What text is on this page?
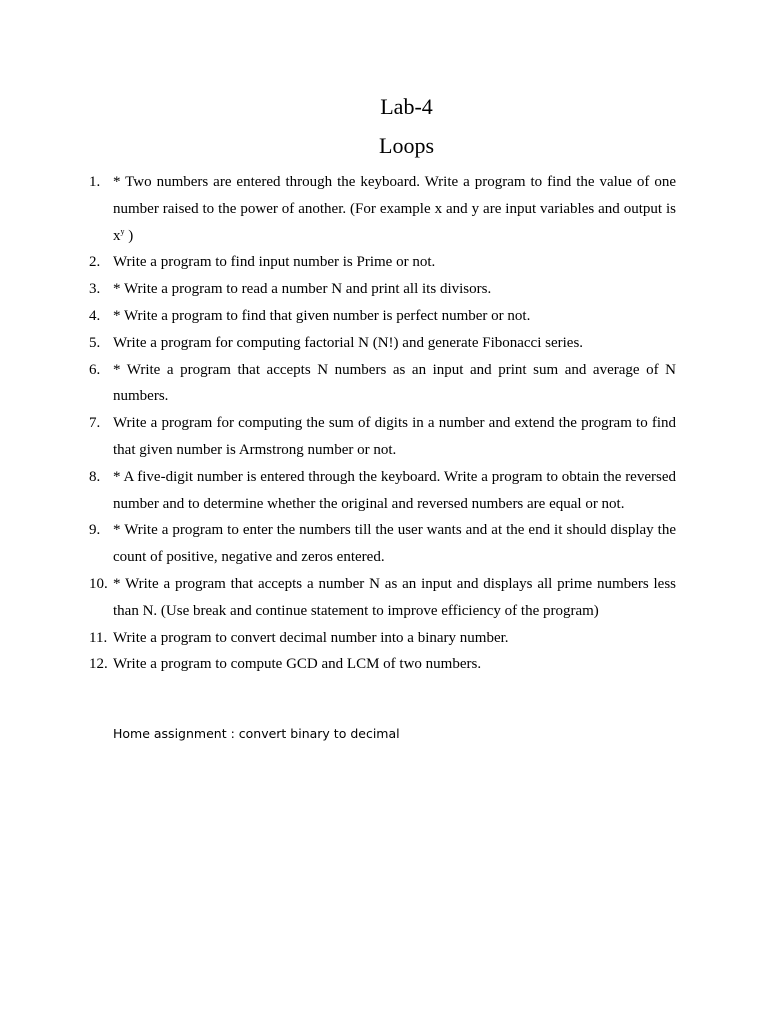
Lab-4
Loops
1. * Two numbers are entered through the keyboard. Write a program to find the value of one number raised to the power of another. (For example x and y are input variables and output is $x^y$ )
2. Write a program to find input number is Prime or not.
3. * Write a program to read a number N and print all its divisors.
4. * Write a program to find that given number is perfect number or not.
5. Write a program for computing factorial N (N!) and generate Fibonacci series.
6. * Write a program that accepts N numbers as an input and print sum and average of N numbers.
7. Write a program for computing the sum of digits in a number and extend the program to find that given number is Armstrong number or not.
8. * A five-digit number is entered through the keyboard. Write a program to obtain the reversed number and to determine whether the original and reversed numbers are equal or not.
9. * Write a program to enter the numbers till the user wants and at the end it should display the count of positive, negative and zeros entered.
10. * Write a program that accepts a number N as an input and displays all prime numbers less than N. (Use break and continue statement to improve efficiency of the program)
11. Write a program to convert decimal number into a binary number.
12. Write a program to compute GCD and LCM of two numbers.
Home assignment : convert binary to decimal
